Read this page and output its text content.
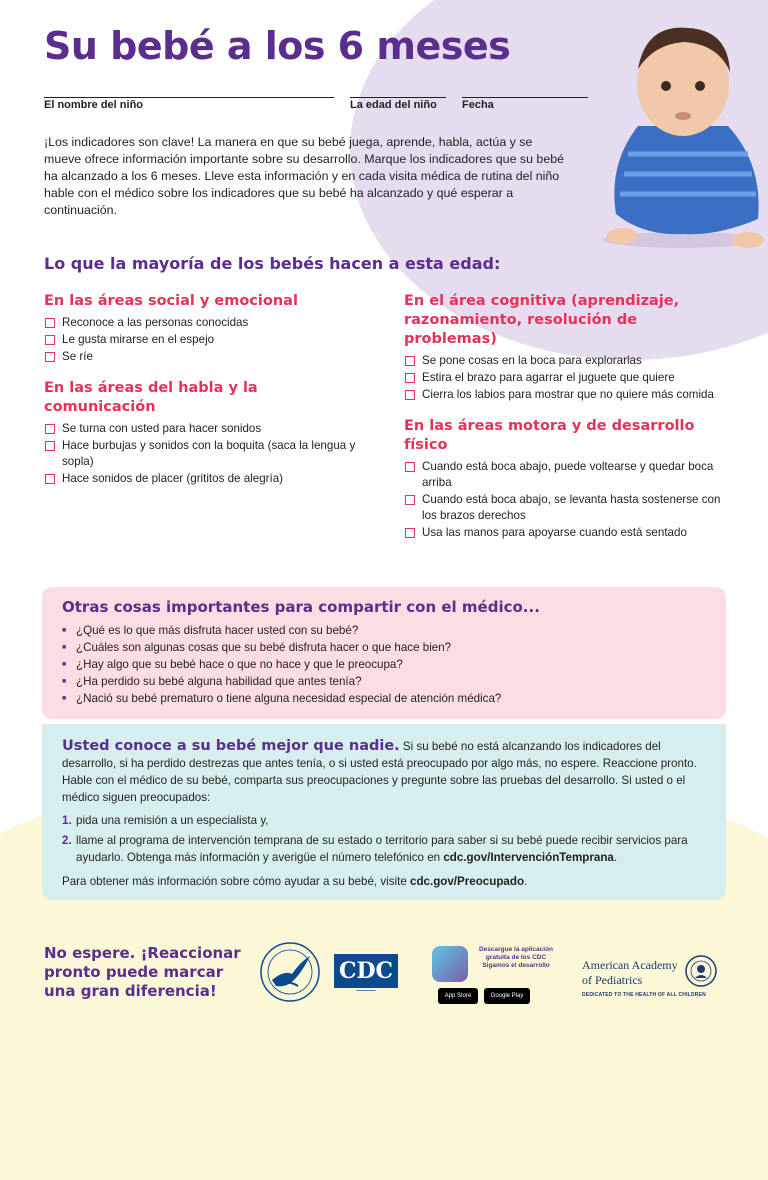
Su bebé a los 6 meses
El nombre del niño	La edad del niño Fecha

¡Los indicadores son clave! La manera en que su bebé juega, aprende, habla, actúa y se mueve ofrece información importante sobre su desarrollo. Marque los indicadores que su bebé ha alcanzado a los 6 meses. Lleve esta información y en cada visita médica de rutina del niño hable con el médico sobre los indicadores que su bebé ha alcanzado y qué esperar a continuación.

Lo que la mayoría de los bebés hacen a esta edad:
En las áreas social y emocional
Reconoce a las personas conocidas
Le gusta mirarse en el espejo
Se ríe
En las áreas del habla y la comunicación
Se turna con usted para hacer sonidos
Hace burbujas y sonidos con la boquita (saca la lengua y sopla)
Hace sonidos de placer (grititos de alegría)
En el área cognitiva (aprendizaje, razonamiento, resolución de problemas)
Se pone cosas en la boca para explorarlas
Estira el brazo para agarrar el juguete que quiere
Cierra los labios para mostrar que no quiere más comida
En las áreas motora y de desarrollo físico
Cuando está boca abajo, puede voltearse y quedar boca arriba
Cuando está boca abajo, se levanta hasta sostenerse con los brazos derechos
Usa las manos para apoyarse cuando está sentado
Otras cosas importantes para compartir con el médico...
■ ¿Qué es lo que más disfruta hacer usted con su bebé?
■ ¿Cuáles son algunas cosas que su bebé disfruta hacer o que hace bien?
■ ¿Hay algo que su bebé hace o que no hace y que le preocupa?
■ ¿Ha perdido su bebé alguna habilidad que antes tenía?
■ ¿Nació su bebé prematuro o tiene alguna necesidad especial de atención médica?

Usted conoce a su bebé mejor que nadie. Si su bebé no está alcanzando los indicadores del desarrollo, si ha perdido destrezas que antes tenía, o si usted está preocupado por algo más, no espere. Reaccione pronto. Hable con el médico de su bebé, comparta sus preocupaciones y pregunte sobre las pruebas del desarrollo. Si usted o el médico siguen preocupados:

1. pida una remisión a un especialista y,
2. llame al programa de intervención temprana de su estado o territorio para saber si su bebé puede recibir servicios para ayudarlo. Obtenga más información y averigüe el número telefónico en cdc.gov/IntervenciónTemprana.

Para obtener más información sobre cómo ayudar a su bebé, visite cdc.gov/Preocupado.

No espere. ¡Reaccionar pronto puede marcar una gran diferencia!

CDC
━━━━━━━━

Descargue la aplicación gratuita de los CDC Sigamos el desarrollo

App Store	Google Play

American Academy of Pediatrics

DEDICATED TO THE HEALTH OF ALL CHILDREN
